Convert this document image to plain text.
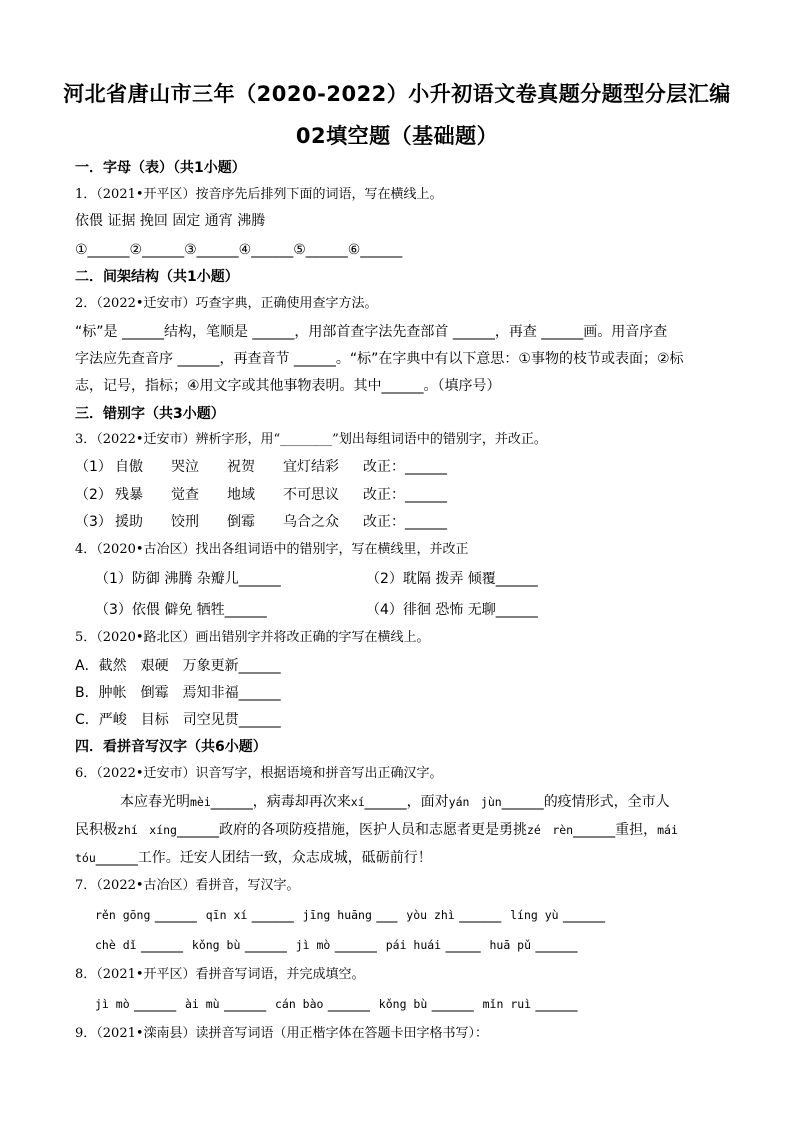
河北省唐山市三年（2020-2022）小升初语文卷真题分题型分层汇编
02填空题（基础题）
一．字母（表）（共1小题）
1．（2021•开平区）按音序先后排列下面的词语，写在横线上。
依偎 证据 挽回 固定 通宵 沸腾
①______②______③______④______⑤______⑥______
二．间架结构（共1小题）
2．（2022•迁安市）巧查字典，正确使用查字方法。
“标”是 ______结构，笔顺是 ______，用部首查字法先查部首 ______，再查 ______画。用音序查
字法应先查音序 ______，再查音节 ______。“标”在字典中有以下意思：①事物的枝节或表面；②标
志，记号，指标；④用文字或其他事物表明。其中______。（填序号）
三．错别字（共3小题）
3．（2022•迁安市）辨析字形，用“________”划出每组词语中的错别字，并改正。
（1） 自傲 哭泣 祝贺 宜灯结彩 改正：______
（2） 残暴 觉查 地域 不可思议 改正：______
（3） 援助 饺刑 倒霉 乌合之众 改正：______
4．（2020•古冶区）找出各组词语中的错别字，写在横线里，并改正
（1）防御 沸腾 杂瓣儿______	（2）耽隔 拨弄 倾覆______
（3）依偎 僻免 牺牲______	（4）徘徊 恐怖 无聊______
5．（2020•路北区）画出错别字并将改正确的字写在横线上。
A．截然　艰硬　万象更新______
B．肿帐　倒霉　焉知非福______
C．严峻　目标　司空见贯______
四．看拼音写汉字（共6小题）
6．（2022•迁安市）识音写字，根据语境和拼音写出正确汉字。
本应春光明mèi______，病毒却再次来xí______，面对yán　jùn______的疫情形式，全市人
民积极zhí　xíng______政府的各项防疫措施，医护人员和志愿者更是勇挑zé　rèn______重担，mái
tóu______工作。迁安人团结一致，众志成城，砥砺前行！
7．（2022•古冶区）看拼音，写汉字。
rěn gōng ______ qīn xí ______ jīng huāng ___ yòu zhì ______ líng yù ______
chè dǐ ______ kǒng bù ______ jì mò ______ pái huái _____ huā pǔ ______
8．（2021•开平区）看拼音写词语，并完成填空。
jì mò ______ ài mù ______ cán bào ______ kǒng bù ______ mǐn ruì ______
9．（2021•滦南县）读拼音写词语（用正楷字体在答题卡田字格书写）：
